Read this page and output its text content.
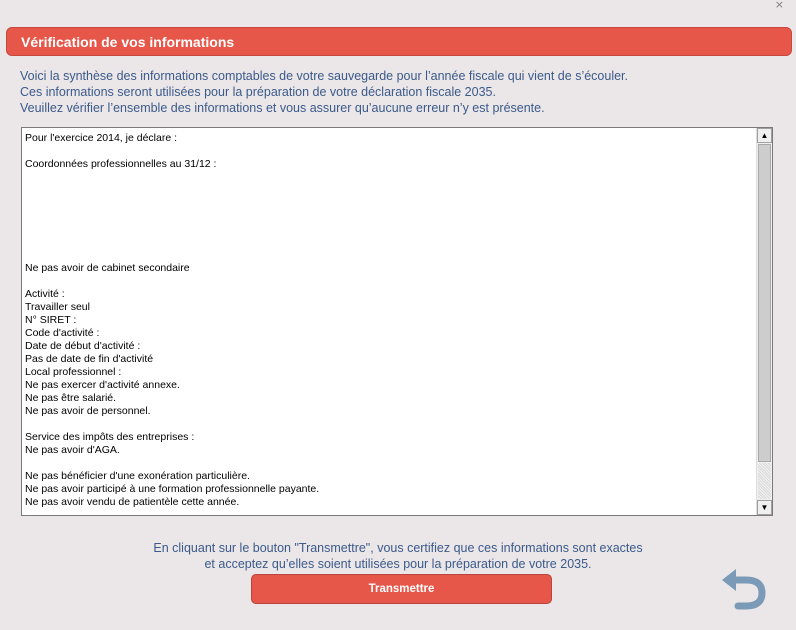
×
Vérification de vos informations
Voici la synthèse des informations comptables de votre sauvegarde pour l’année fiscale qui vient de s’écouler.
Ces informations seront utilisées pour la préparation de votre déclaration fiscale 2035.
Veuillez vérifier l’ensemble des informations et vous assurer qu’aucune erreur n’y est présente.
Pour l'exercice 2014, je déclare :
Coordonnées professionnelles au 31/12 :
Ne pas avoir de cabinet secondaire
Activité :
Travailler seul
N° SIRET :
Code d'activité :
Date de début d'activité :
Pas de date de fin d'activité
Local professionnel :
Ne pas exercer d'activité annexe.
Ne pas être salarié.
Ne pas avoir de personnel.
Service des impôts des entreprises :
Ne pas avoir d'AGA.
Ne pas bénéficier d'une exonération particulière.
Ne pas avoir participé à une formation professionnelle payante.
Ne pas avoir vendu de patientèle cette année.
▲
▼
En cliquant sur le bouton "Transmettre", vous certifiez que ces informations sont exactes
et acceptez qu’elles soient utilisées pour la préparation de votre 2035.
Transmettre
